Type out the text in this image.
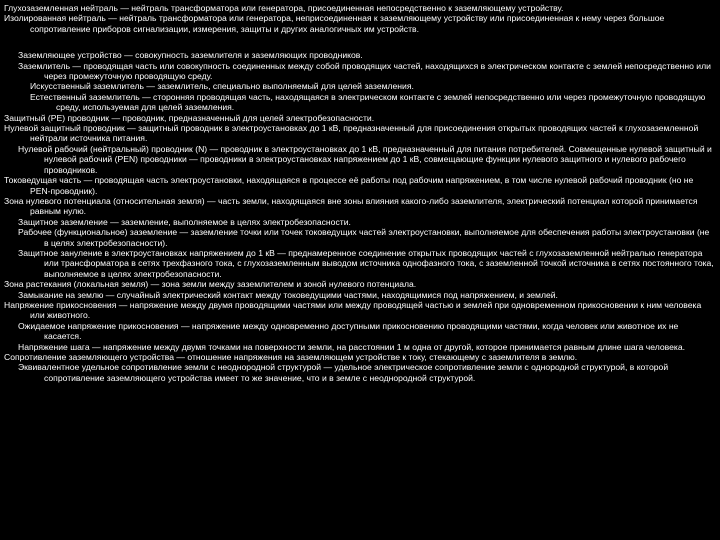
Глухозаземленная нейтраль — нейтраль трансформатора или генератора, присоединенная непосредственно к заземляющему устройству.

Изолированная нейтраль — нейтраль трансформатора или генератора, неприсоединенная к заземляющему устройству или присоединенная к нему через большое сопротивление приборов сигнализации, измерения, защиты и других аналогичных им устройств.

Заземляющее устройство — совокупность заземлителя и заземляющих проводников.

Заземлитель — проводящая часть или совокупность соединенных между собой проводящих частей, находящихся в электрическом контакте с землей непосредственно или через промежуточную проводящую среду.

Искусственный заземлитель — заземлитель, специально выполняемый для целей заземления.

Естественный заземлитель — сторонняя проводящая часть, находящаяся в электрическом контакте с землей непосредственно или через промежуточную проводящую среду, используемая для целей заземления.

Защитный (PE) проводник — проводник, предназначенный для целей электробезопасности.

Нулевой защитный проводник — защитный проводник в электроустановках до 1 кВ, предназначенный для присоединения открытых проводящих частей к глухозаземленной нейтрали источника питания.

Нулевой рабочий (нейтральный) проводник (N) — проводник в электроустановках до 1 кВ, предназначенный для питания потребителей. Совмещенные нулевой защитный и нулевой рабочий (PEN) проводники — проводники в электроустановках напряжением до 1 кВ, совмещающие функции нулевого защитного и нулевого рабочего проводников.

Токоведущая часть — проводящая часть электроустановки, находящаяся в процессе её работы под рабочим напряжением, в том числе нулевой рабочий проводник (но не PEN-проводник).

Зона нулевого потенциала (относительная земля) — часть земли, находящаяся вне зоны влияния какого-либо заземлителя, электрический потенциал которой принимается равным нулю.

Защитное заземление — заземление, выполняемое в целях электробезопасности.

Рабочее (функциональное) заземление — заземление точки или точек токоведущих частей электроустановки, выполняемое для обеспечения работы электроустановки (не в целях электробезопасности).

Защитное зануление в электроустановках напряжением до 1 кВ — преднамеренное соединение открытых проводящих частей с глухозаземленной нейтралью генератора или трансформатора в сетях трехфазного тока, с глухозаземленным выводом источника однофазного тока, с заземленной точкой источника в сетях постоянного тока, выполняемое в целях электробезопасности.

Зона растекания (локальная земля) — зона земли между заземлителем и зоной нулевого потенциала.

Замыкание на землю — случайный электрический контакт между токоведущими частями, находящимися под напряжением, и землей.

Напряжение прикосновения — напряжение между двумя проводящими частями или между проводящей частью и землей при одновременном прикосновении к ним человека или животного.

Ожидаемое напряжение прикосновения — напряжение между одновременно доступными прикосновению проводящими частями, когда человек или животное их не касается.

Напряжение шага — напряжение между двумя точками на поверхности земли, на расстоянии 1 м одна от другой, которое принимается равным длине шага человека.

Сопротивление заземляющего устройства — отношение напряжения на заземляющем устройстве к току, стекающему с заземлителя в землю.

Эквивалентное удельное сопротивление земли с неоднородной структурой — удельное электрическое сопротивление земли с однородной структурой, в которой сопротивление заземляющего устройства имеет то же значение, что и в земле с неоднородной структурой.
